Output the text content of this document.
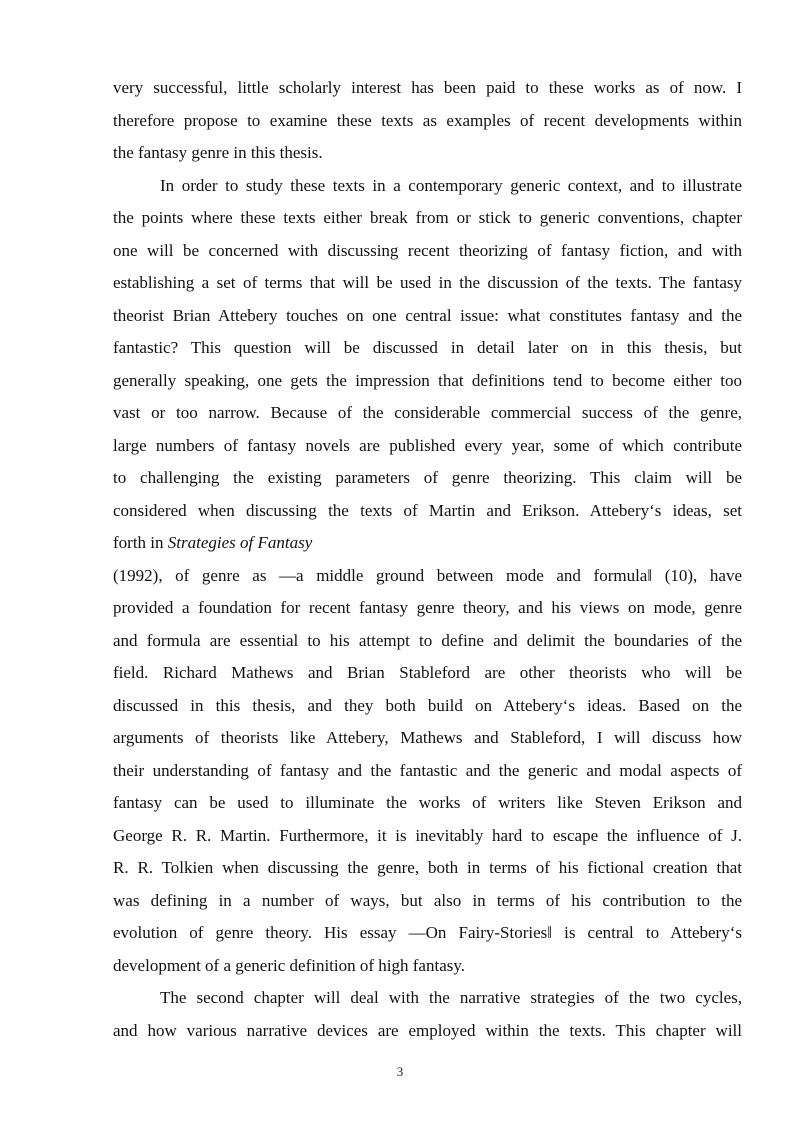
very successful, little scholarly interest has been paid to these works as of now. I
therefore propose to examine these texts as examples of recent developments within
the fantasy genre in this thesis.

In order to study these texts in a contemporary generic context, and to illustrate
the points where these texts either break from or stick to generic conventions, chapter
one will be concerned with discussing recent theorizing of fantasy fiction, and with
establishing a set of terms that will be used in the discussion of the texts. The fantasy
theorist Brian Attebery touches on one central issue: what constitutes fantasy and the
fantastic? This question will be discussed in detail later on in this thesis, but
generally speaking, one gets the impression that definitions tend to become either too
vast or too narrow. Because of the considerable commercial success of the genre,
large numbers of fantasy novels are published every year, some of which contribute
to challenging the existing parameters of genre theorizing. This claim will be
considered when discussing the texts of Martin and Erikson. Attebery‘s ideas, set
forth in Strategies of Fantasy
(1992), of genre as ―a middle ground between mode and formula‖ (10), have
provided a foundation for recent fantasy genre theory, and his views on mode, genre
and formula are essential to his attempt to define and delimit the boundaries of the
field. Richard Mathews and Brian Stableford are other theorists who will be
discussed in this thesis, and they both build on Attebery‘s ideas. Based on the
arguments of theorists like Attebery, Mathews and Stableford, I will discuss how
their understanding of fantasy and the fantastic and the generic and modal aspects of
fantasy can be used to illuminate the works of writers like Steven Erikson and
George R. R. Martin. Furthermore, it is inevitably hard to escape the influence of J.
R. R. Tolkien when discussing the genre, both in terms of his fictional creation that
was defining in a number of ways, but also in terms of his contribution to the
evolution of genre theory. His essay ―On Fairy-Stories‖ is central to Attebery‘s
development of a generic definition of high fantasy.

The second chapter will deal with the narrative strategies of the two cycles,
and how various narrative devices are employed within the texts. This chapter will

3
